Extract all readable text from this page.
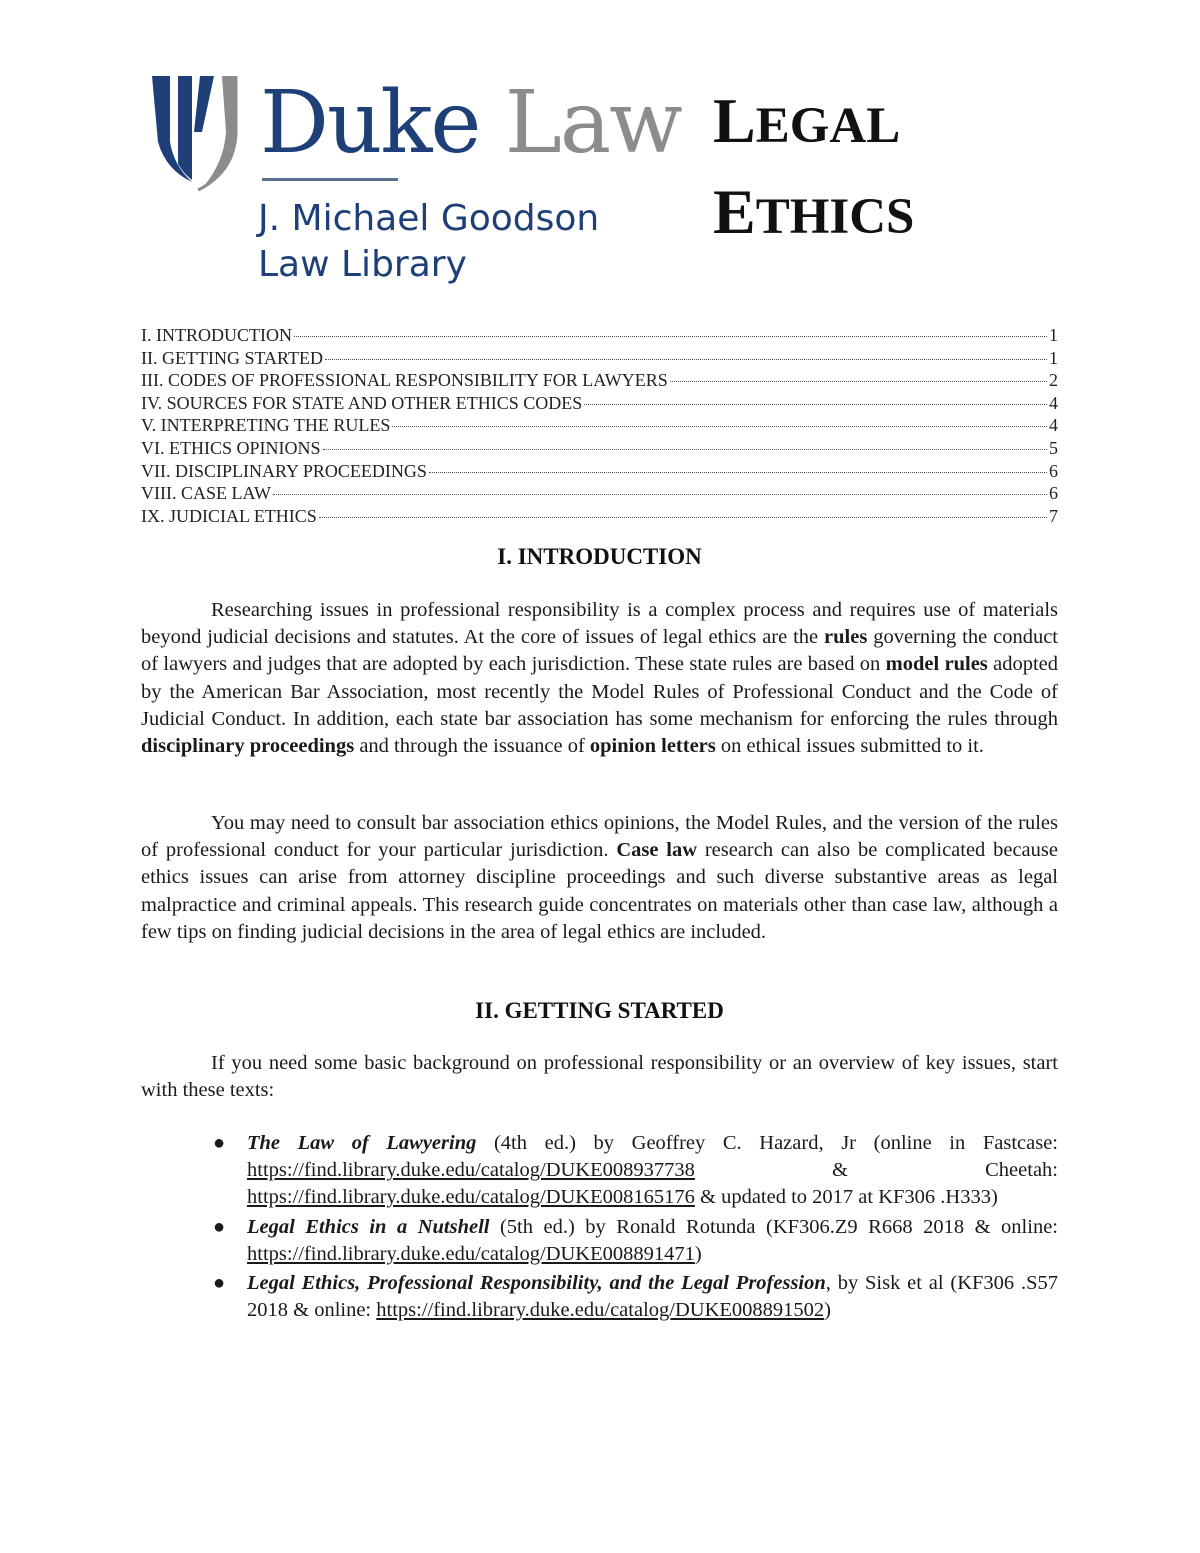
Duke Law
J. Michael Goodson
Law Library
LEGAL
ETHICS
I. INTRODUCTION	1
II. GETTING STARTED	1
III. CODES OF PROFESSIONAL RESPONSIBILITY FOR LAWYERS	2
IV. SOURCES FOR STATE AND OTHER ETHICS CODES	4
V. INTERPRETING THE RULES	4
VI. ETHICS OPINIONS	5
VII. DISCIPLINARY PROCEEDINGS	6
VIII. CASE LAW	6
IX. JUDICIAL ETHICS	7
I. INTRODUCTION
Researching issues in professional responsibility is a complex process and requires use of materials beyond judicial decisions and statutes. At the core of issues of legal ethics are the rules governing the conduct of lawyers and judges that are adopted by each jurisdiction. These state rules are based on model rules adopted by the American Bar Association, most recently the Model Rules of Professional Conduct and the Code of Judicial Conduct. In addition, each state bar association has some mechanism for enforcing the rules through disciplinary proceedings and through the issuance of opinion letters on ethical issues submitted to it.
You may need to consult bar association ethics opinions, the Model Rules, and the version of the rules of professional conduct for your particular jurisdiction. Case law research can also be complicated because ethics issues can arise from attorney discipline proceedings and such diverse substantive areas as legal malpractice and criminal appeals. This research guide concentrates on materials other than case law, although a few tips on finding judicial decisions in the area of legal ethics are included.
II. GETTING STARTED
If you need some basic background on professional responsibility or an overview of key issues, start with these texts:
● The Law of Lawyering (4th ed.) by Geoffrey C. Hazard, Jr (online in Fastcase: https://find.library.duke.edu/catalog/DUKE008937738 & Cheetah: https://find.library.duke.edu/catalog/DUKE008165176 & updated to 2017 at KF306 .H333)
● Legal Ethics in a Nutshell (5th ed.) by Ronald Rotunda (KF306.Z9 R668 2018 & online: https://find.library.duke.edu/catalog/DUKE008891471)
● Legal Ethics, Professional Responsibility, and the Legal Profession, by Sisk et al (KF306 .S57 2018 & online: https://find.library.duke.edu/catalog/DUKE008891502)
